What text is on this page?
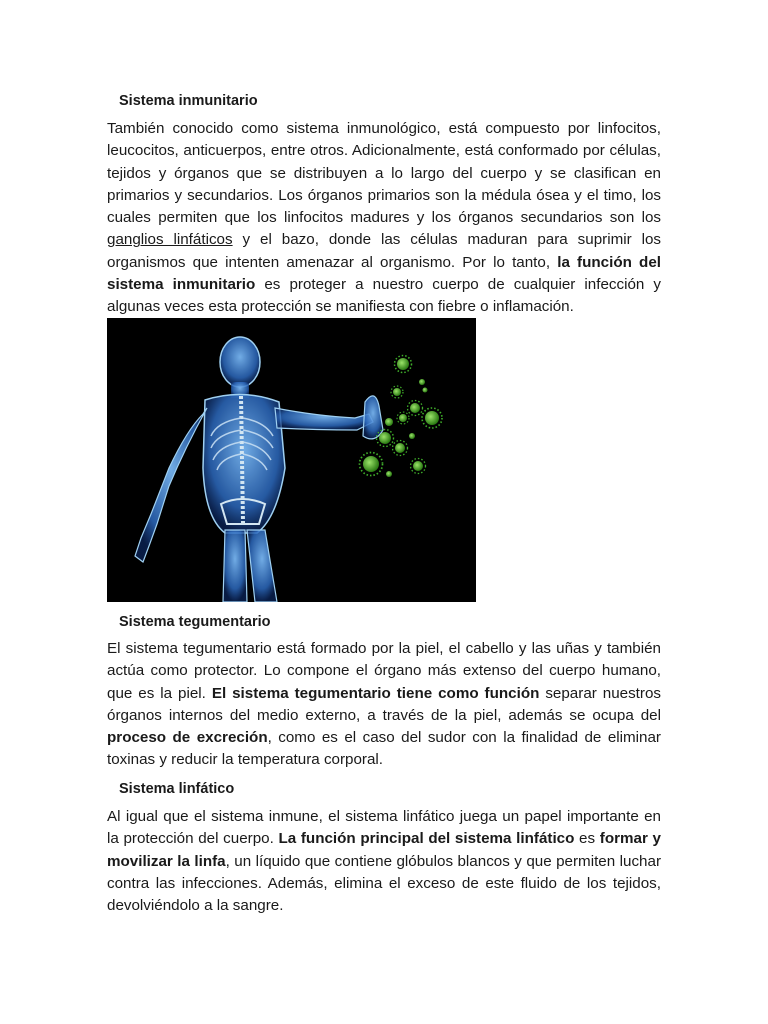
Sistema inmunitario

También conocido como sistema inmunológico, está compuesto por linfocitos, leucocitos, anticuerpos, entre otros. Adicionalmente, está conformado por células, tejidos y órganos que se distribuyen a lo largo del cuerpo y se clasifican en primarios y secundarios. Los órganos primarios son la médula ósea y el timo, los cuales permiten que los linfocitos madures y los órganos secundarios son los ganglios linfáticos y el bazo, donde las células maduran para suprimir los organismos que intenten amenazar al organismo. Por lo tanto, la función del sistema inmunitario es proteger a nuestro cuerpo de cualquier infección y algunas veces esta protección se manifiesta con fiebre o inflamación.

Sistema tegumentario

El sistema tegumentario está formado por la piel, el cabello y las uñas y también actúa como protector. Lo compone el órgano más extenso del cuerpo humano, que es la piel. El sistema tegumentario tiene como función separar nuestros órganos internos del medio externo, a través de la piel, además se ocupa del proceso de excreción, como es el caso del sudor con la finalidad de eliminar toxinas y reducir la temperatura corporal.

Sistema linfático

Al igual que el sistema inmune, el sistema linfático juega un papel importante en la protección del cuerpo. La función principal del sistema linfático es formar y movilizar la linfa, un líquido que contiene glóbulos blancos y que permiten luchar contra las infecciones. Además, elimina el exceso de este fluido de los tejidos, devolviéndolo a la sangre.
